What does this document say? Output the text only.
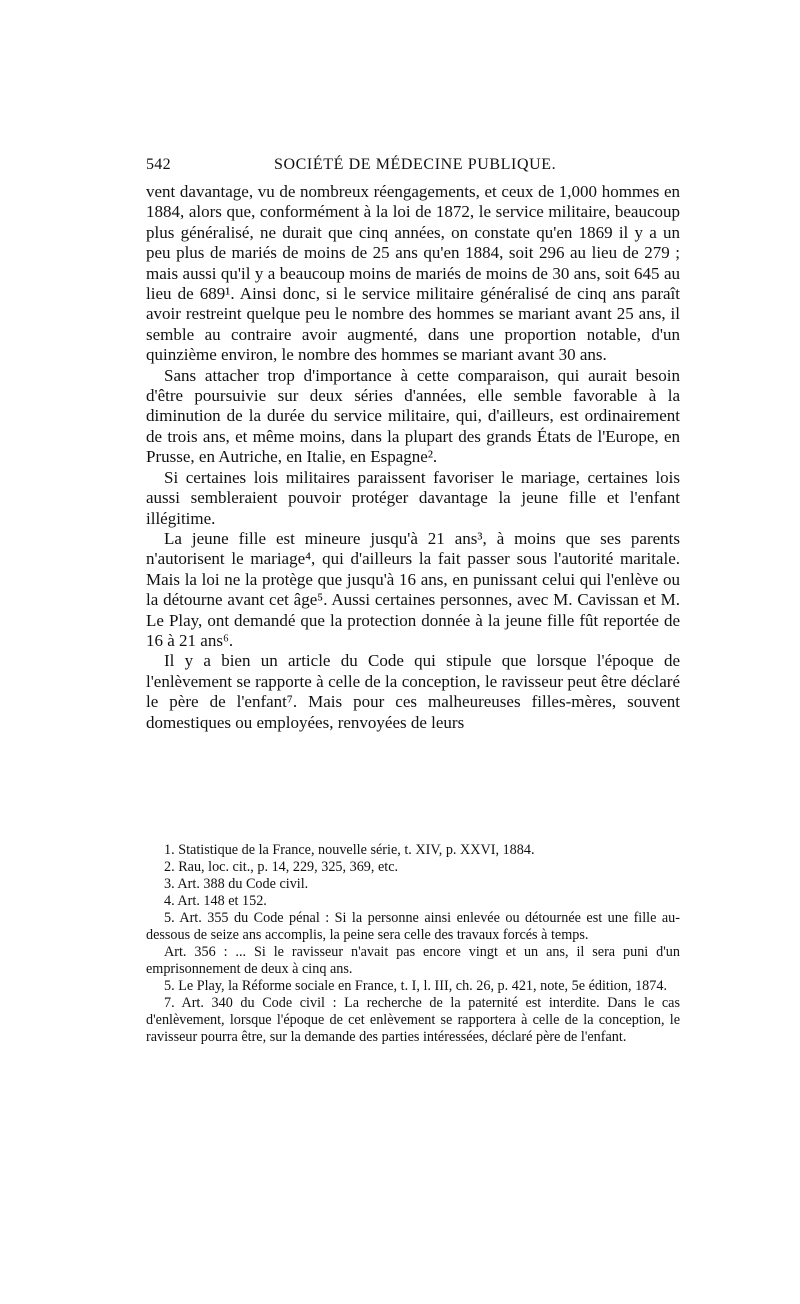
542	SOCIÉTÉ DE MÉDECINE PUBLIQUE.

vent davantage, vu de nombreux réengagements, et ceux de 1,000 hommes en 1884, alors que, conformément à la loi de 1872, le service militaire, beaucoup plus généralisé, ne durait que cinq années, on constate qu'en 1869 il y a un peu plus de mariés de moins de 25 ans qu'en 1884, soit 296 au lieu de 279 ; mais aussi qu'il y a beaucoup moins de mariés de moins de 30 ans, soit 645 au lieu de 689¹. Ainsi donc, si le service militaire généralisé de cinq ans paraît avoir restreint quelque peu le nombre des hommes se mariant avant 25 ans, il semble au contraire avoir augmenté, dans une proportion notable, d'un quinzième environ, le nombre des hommes se mariant avant 30 ans.

Sans attacher trop d'importance à cette comparaison, qui aurait besoin d'être poursuivie sur deux séries d'années, elle semble favorable à la diminution de la durée du service militaire, qui, d'ailleurs, est ordinairement de trois ans, et même moins, dans la plupart des grands États de l'Europe, en Prusse, en Autriche, en Italie, en Espagne².

Si certaines lois militaires paraissent favoriser le mariage, certaines lois aussi sembleraient pouvoir protéger davantage la jeune fille et l'enfant illégitime.

La jeune fille est mineure jusqu'à 21 ans³, à moins que ses parents n'autorisent le mariage⁴, qui d'ailleurs la fait passer sous l'autorité maritale. Mais la loi ne la protège que jusqu'à 16 ans, en punissant celui qui l'enlève ou la détourne avant cet âge⁵. Aussi certaines personnes, avec M. Cavissan et M. Le Play, ont demandé que la protection donnée à la jeune fille fût reportée de 16 à 21 ans⁶.

Il y a bien un article du Code qui stipule que lorsque l'époque de l'enlèvement se rapporte à celle de la conception, le ravisseur peut être déclaré le père de l'enfant⁷. Mais pour ces malheureuses filles-mères, souvent domestiques ou employées, renvoyées de leurs

1. Statistique de la France, nouvelle série, t. XIV, p. XXVI, 1884.

2. Rau, loc. cit., p. 14, 229, 325, 369, etc.

3. Art. 388 du Code civil.

4. Art. 148 et 152.

5. Art. 355 du Code pénal : Si la personne ainsi enlevée ou détournée est une fille au-dessous de seize ans accomplis, la peine sera celle des travaux forcés à temps.

Art. 356 : ... Si le ravisseur n'avait pas encore vingt et un ans, il sera puni d'un emprisonnement de deux à cinq ans.

5. Le Play, la Réforme sociale en France, t. I, l. III, ch. 26, p. 421, note, 5e édition, 1874.

7. Art. 340 du Code civil : La recherche de la paternité est interdite. Dans le cas d'enlèvement, lorsque l'époque de cet enlèvement se rapportera à celle de la conception, le ravisseur pourra être, sur la demande des parties intéressées, déclaré père de l'enfant.
